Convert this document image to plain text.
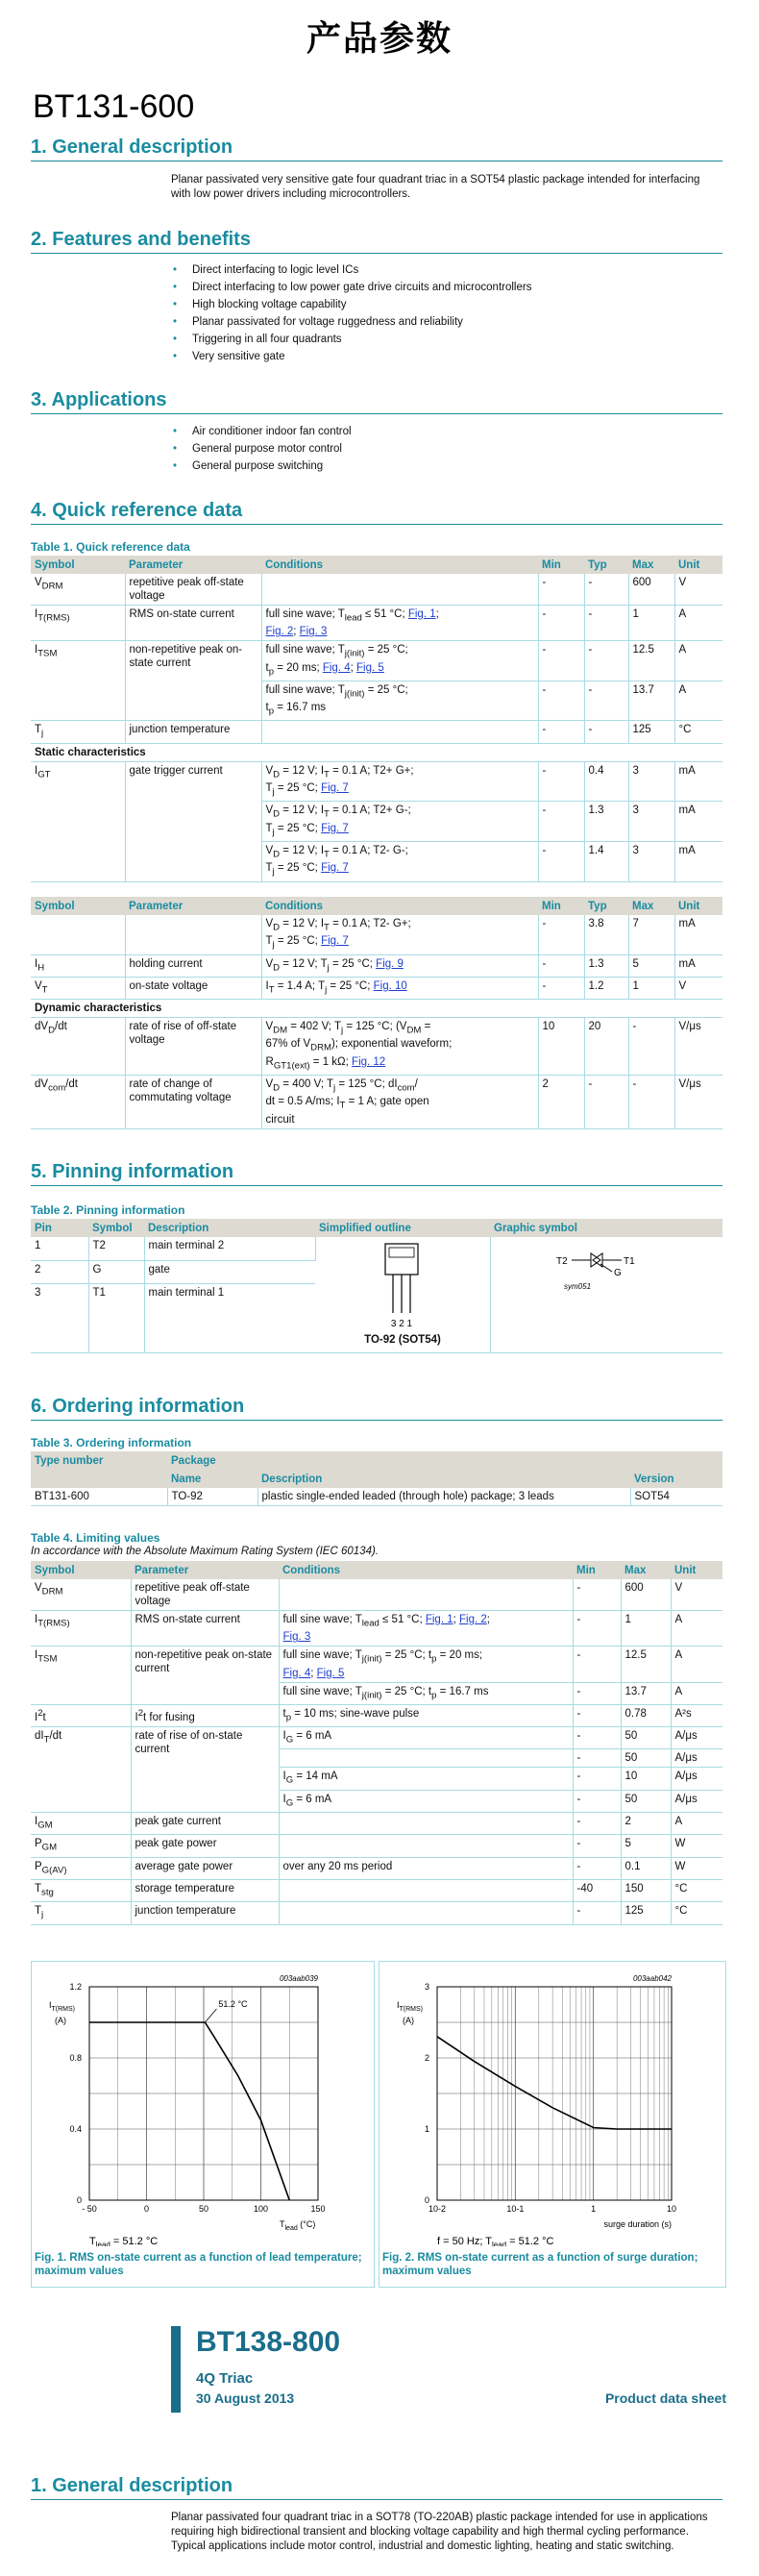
产品参数
BT131-600
1. General description
Planar passivated very sensitive gate four quadrant triac in a SOT54 plastic package intended for interfacing with low power drivers including microcontrollers.
2. Features and benefits
• Direct interfacing to logic level ICs
• Direct interfacing to low power gate drive circuits and microcontrollers
• High blocking voltage capability
• Planar passivated for voltage ruggedness and reliability
• Triggering in all four quadrants
• Very sensitive gate
3. Applications
• Air conditioner indoor fan control
• General purpose motor control
• General purpose switching
4. Quick reference data
Table 1. Quick reference data
Symbol	Parameter	Conditions	Min	Typ	Max	Unit
$V_{DRM}$	repetitive peak off-state voltage		-	-	600	V
$I_{T(RMS)}$	RMS on-state current	full sine wave; $T_{lead} \le 51$ °C; Fig. 1;
Fig. 2; Fig. 3	-	-	1	A
$I_{TSM}$	non-repetitive peak on-state current	full sine wave; $T_{j(init)} = 25$ °C;
$t_p = 20$ ms; Fig. 4; Fig. 5	-	-	12.5	A
		full sine wave; $T_{j(init)} = 25$ °C;
$t_p = 16.7$ ms	-	-	13.7	A
$T_j$	junction temperature		-	-	125	°C
Static characteristics						
$I_{GT}$	gate trigger current	$V_D = 12$ V; $I_T = 0.1$ A; T2+ G+;
$T_j = 25$ °C; Fig. 7	-	0.4	3	mA
		$V_D = 12$ V; $I_T = 0.1$ A; T2+ G-;
$T_j = 25$ °C; Fig. 7	-	1.3	3	mA
		$V_D = 12$ V; $I_T = 0.1$ A; T2- G-;
$T_j = 25$ °C; Fig. 7	-	1.4	3	mA
Symbol	Parameter	Conditions	Min	Typ	Max	Unit
		$V_D = 12$ V; $I_T = 0.1$ A; T2- G+;
$T_j = 25$ °C; Fig. 7	-	3.8	7	mA
$I_H$	holding current	$V_D = 12$ V; $T_j = 25$ °C; Fig. 9	-	1.3	5	mA
$V_T$	on-state voltage	$I_T = 1.4$ A; $T_j = 25$ °C; Fig. 10	-	1.2	1	V
Dynamic characteristics						
$dV_D/dt$	rate of rise of off-state voltage	$V_{DM} = 402$ V; $T_j = 125$ °C; ($V_{DM}$ =
67% of $V_{DRM}$); exponential waveform;
$R_{GT1(ext)} = 1$ kΩ; Fig. 12	10	20	-	V/μs
$dV_{com}/dt$	rate of change of commutating voltage	$V_D = 400$ V; $T_j = 125$ °C; $dI_{com}/$
dt = 0.5 A/ms; $I_T = 1$ A; gate open
circuit	2	-	-	V/μs
5. Pinning information
Table 2. Pinning information
Pin	Symbol	Description	Simplified outline	Graphic symbol
1	T2	main terminal 2	3 2 1
TO-92 (SOT54)	T2 T1
G
sym051

2	G	gate		
3	T1	main terminal 1		
6. Ordering information
Table 3. Ordering information
Type number	Package		
	Name	Description	Version
BT131-600	TO-92	plastic single-ended leaded (through hole) package; 3 leads	SOT54
Table 4. Limiting values
In accordance with the Absolute Maximum Rating System (IEC 60134).
Symbol	Parameter	Conditions	Min	Max	Unit
$V_{DRM}$	repetitive peak off-state voltage		-	600	V
$I_{T(RMS)}$	RMS on-state current	full sine wave; $T_{lead} \le 51$ °C; Fig. 1; Fig. 2;
Fig. 3	-	1	A
$I_{TSM}$	non-repetitive peak on-state current	full sine wave; $T_{j(init)} = 25$ °C; $t_p = 20$ ms;
Fig. 4; Fig. 5	-	12.5	A
		full sine wave; $T_{j(init)} = 25$ °C; $t_p = 16.7$ ms	-	13.7	A
$I^2t$	$I^2t$ for fusing	$t_p = 10$ ms; sine-wave pulse	-	0.78	A²s
$dI_T/dt$	rate of rise of on-state current	$I_G = 6$ mA	-	50	A/μs
			-	50	A/μs
		$I_G = 14$ mA	-	10	A/μs
		$I_G = 6$ mA	-	50	A/μs
$I_{GM}$	peak gate current		-	2	A
$P_{GM}$	peak gate power		-	5	W
$P_{G(AV)}$	average gate power	over any 20 ms period	-	0.1	W
$T_{stg}$	storage temperature		-40	150	°C
$T_j$	junction temperature		-	125	°C
0
0.4
0.8
1.2
- 50	0	50	100	150
003aab039
$I_{T(RMS)}$
(A)
$T_{lead}$ (°C)
51.2 °C
$T_{lead} = 51.2$ °C
Fig. 1. RMS on-state current as a function of lead temperature; maximum values
0
1
2
3
10-2	10-1	1	10
003aab042
$I_{T(RMS)}$
(A)
surge duration (s)
f = 50 Hz; $T_{lead} = 51.2$ °C
Fig. 2. RMS on-state current as a function of surge duration; maximum values
BT138-800
4Q Triac
30 August 2013	Product data sheet
1. General description
Planar passivated four quadrant triac in a SOT78 (TO-220AB) plastic package intended for use in applications requiring high bidirectional transient and blocking voltage capability and high thermal cycling performance. Typical applications include motor control, industrial and domestic lighting, heating and static switching.
